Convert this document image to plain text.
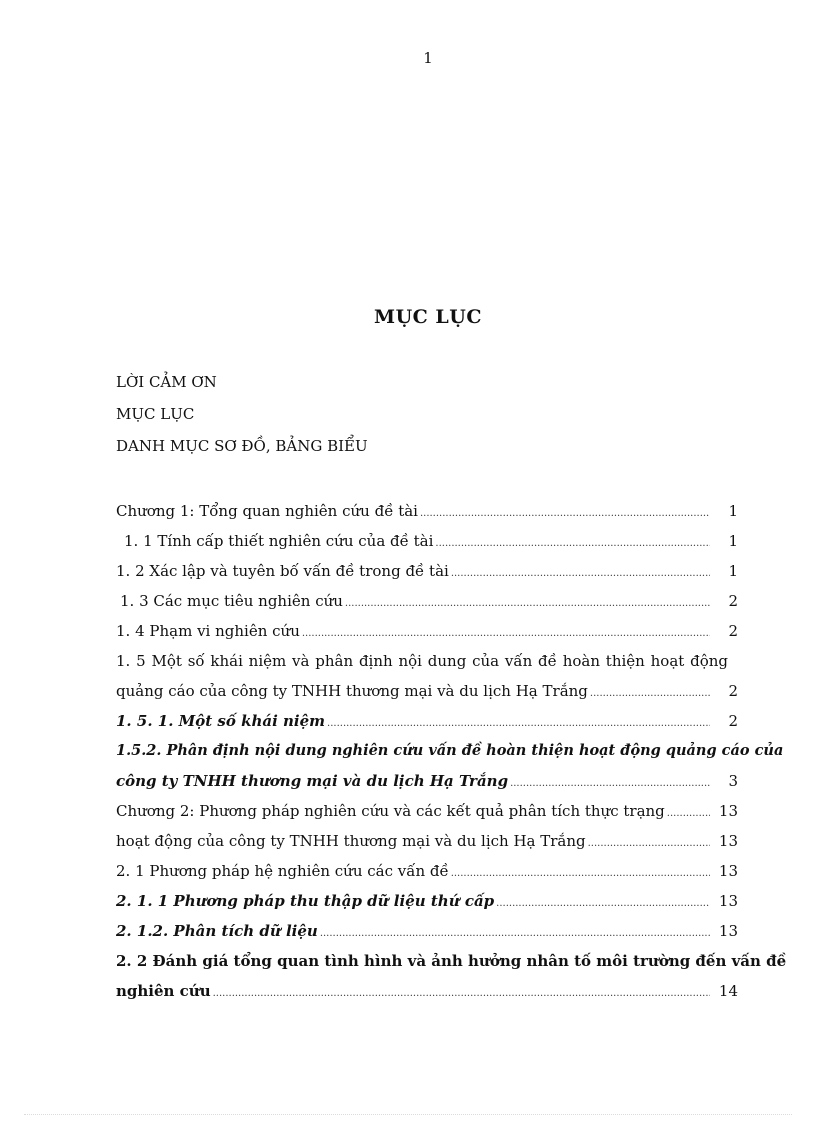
1
MỤC LỤC
LỜI CẢM ƠN
MỤC LỤC
DANH MỤC SƠ ĐỒ, BẢNG BIỂU
Chương 1: Tổng quan nghiên cứu đề tài .....	1
1. 1 Tính cấp thiết nghiên cứu của đề tài .....	1
1. 2 Xác lập và tuyên bố vấn đề trong đề tài .....	1
1. 3 Các mục tiêu nghiên cứu .....	2
1. 4 Phạm vi nghiên cứu .....	2
1. 5 Một số khái niệm và phân định nội dung của vấn đề hoàn thiện hoạt động
quảng cáo của công ty TNHH thương mại và du lịch Hạ Trắng .....	2
1. 5. 1. Một số khái niệm .....	2
1.5.2. Phân định nội dung nghiên cứu vấn đề hoàn thiện hoạt động quảng cáo của
công ty TNHH thương mại và du lịch Hạ Trắng .....	3
Chương 2: Phương pháp nghiên cứu và các kết quả phân tích thực trạng .....	13
hoạt động của công ty TNHH thương mại và du lịch Hạ Trắng .....	13
2. 1 Phương pháp hệ nghiên cứu các vấn đề .....	13
2. 1. 1 Phương pháp thu thập dữ liệu thứ cấp .....	13
2. 1.2. Phân tích dữ liệu .....	13
2. 2 Đánh giá tổng quan tình hình và ảnh hưởng nhân tố môi trường đến vấn đề
nghiên cứu .....	14
